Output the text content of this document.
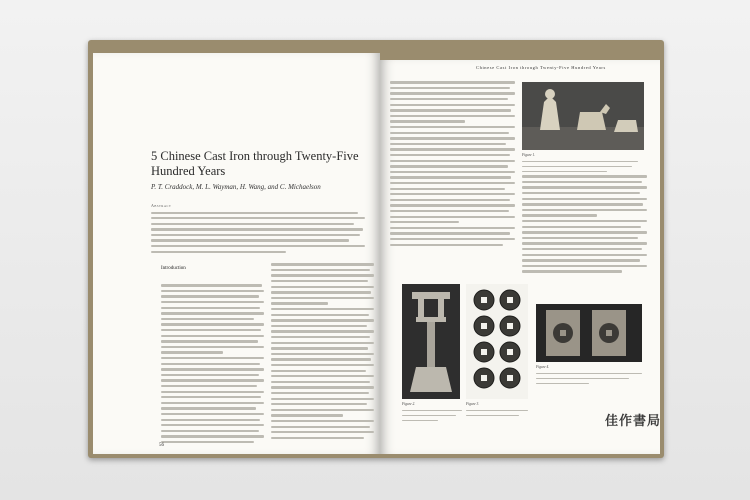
5 Chinese Cast Iron through Twenty-Five Hundred Years
P. T. Craddock, M. L. Wayman, H. Wang, and C. Michaelson
Abstract
Introduction
56
Chinese Cast Iron through Twenty-Five Hundred Years
Figure 1.
Figure 2.	Figure 3.
Figure 4.
佳作書局
